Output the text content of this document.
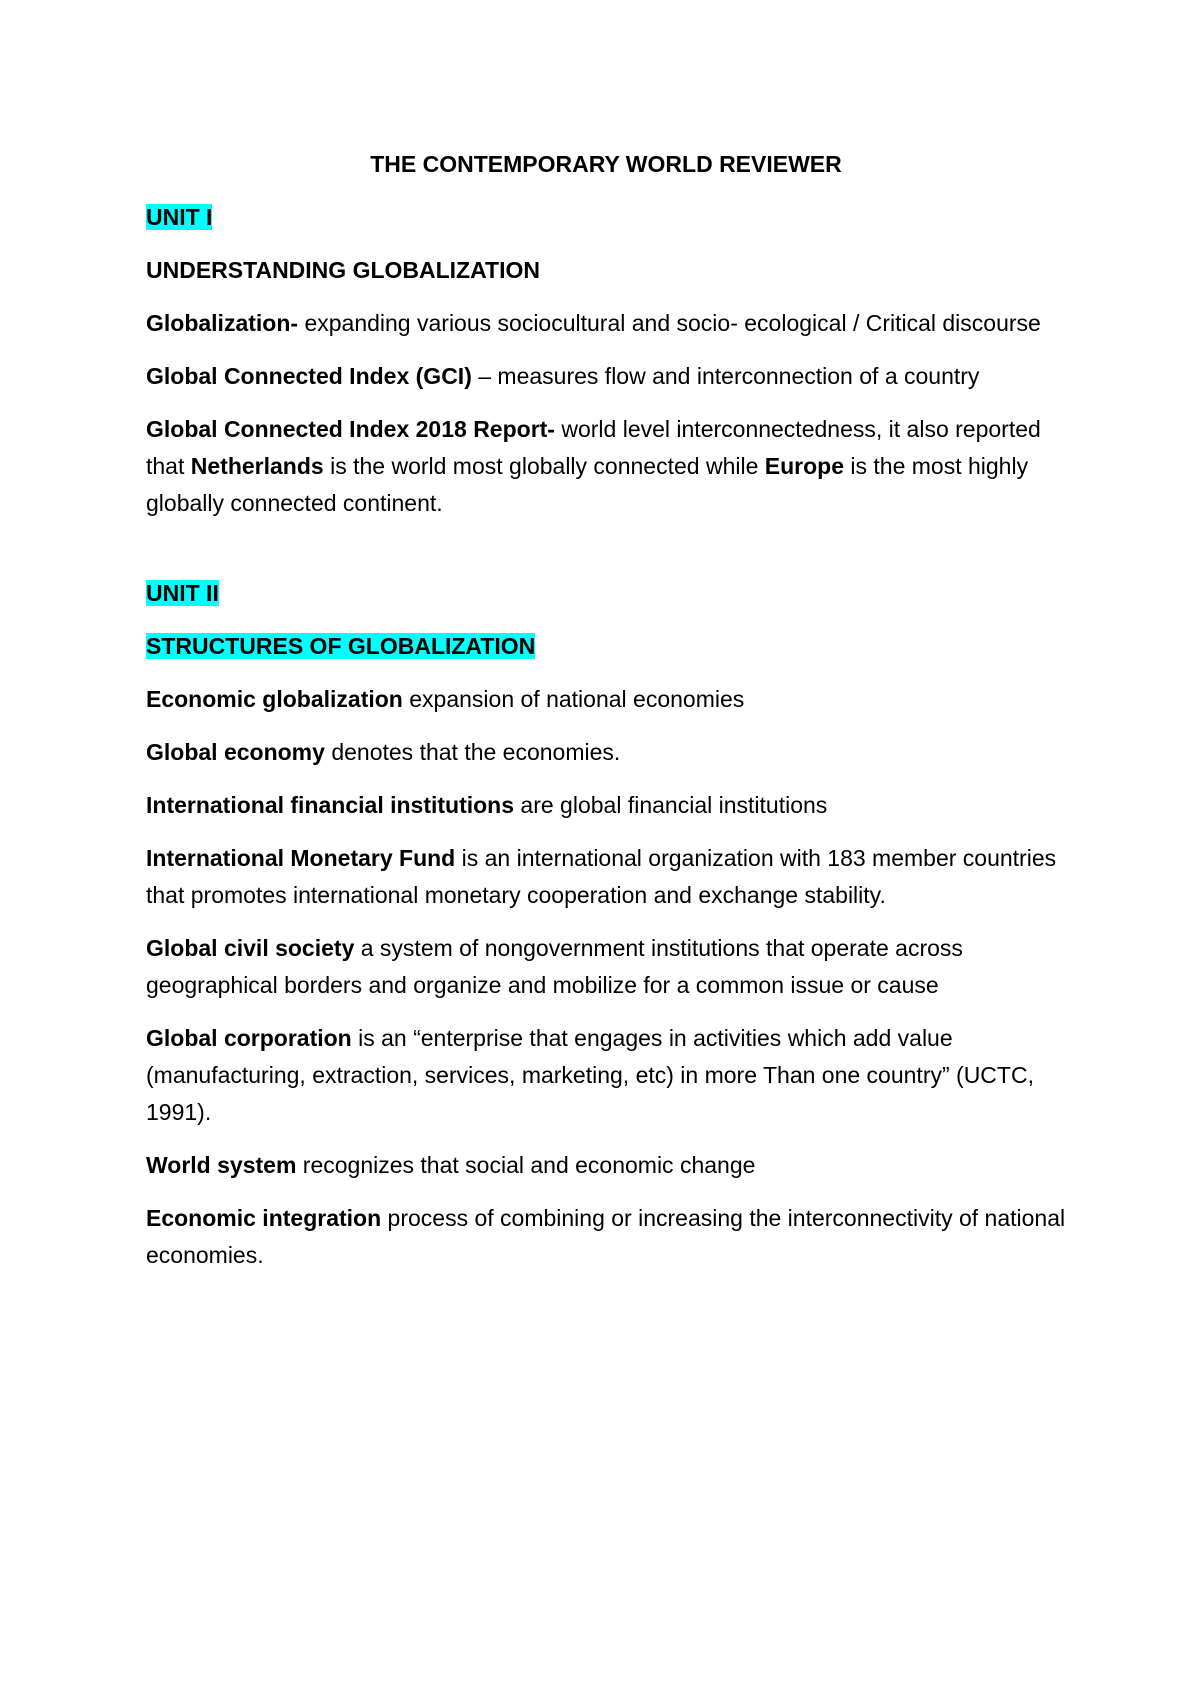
THE CONTEMPORARY WORLD REVIEWER
UNIT I
UNDERSTANDING GLOBALIZATION
Globalization- expanding various sociocultural and socio- ecological / Critical discourse
Global Connected Index (GCI) – measures flow and interconnection of a country
Global Connected Index 2018 Report- world level interconnectedness, it also reported that Netherlands is the world most globally connected while Europe is the most highly globally connected continent.
UNIT II
STRUCTURES OF GLOBALIZATION
Economic globalization expansion of national economies
Global economy denotes that the economies.
International financial institutions are global financial institutions
International Monetary Fund is an international organization with 183 member countries that promotes international monetary cooperation and exchange stability.
Global civil society a system of nongovernment institutions that operate across geographical borders and organize and mobilize for a common issue or cause
Global corporation is an “enterprise that engages in activities which add value (manufacturing, extraction, services, marketing, etc) in more Than one country” (UCTC, 1991).
World system recognizes that social and economic change
Economic integration process of combining or increasing the interconnectivity of national economies.
